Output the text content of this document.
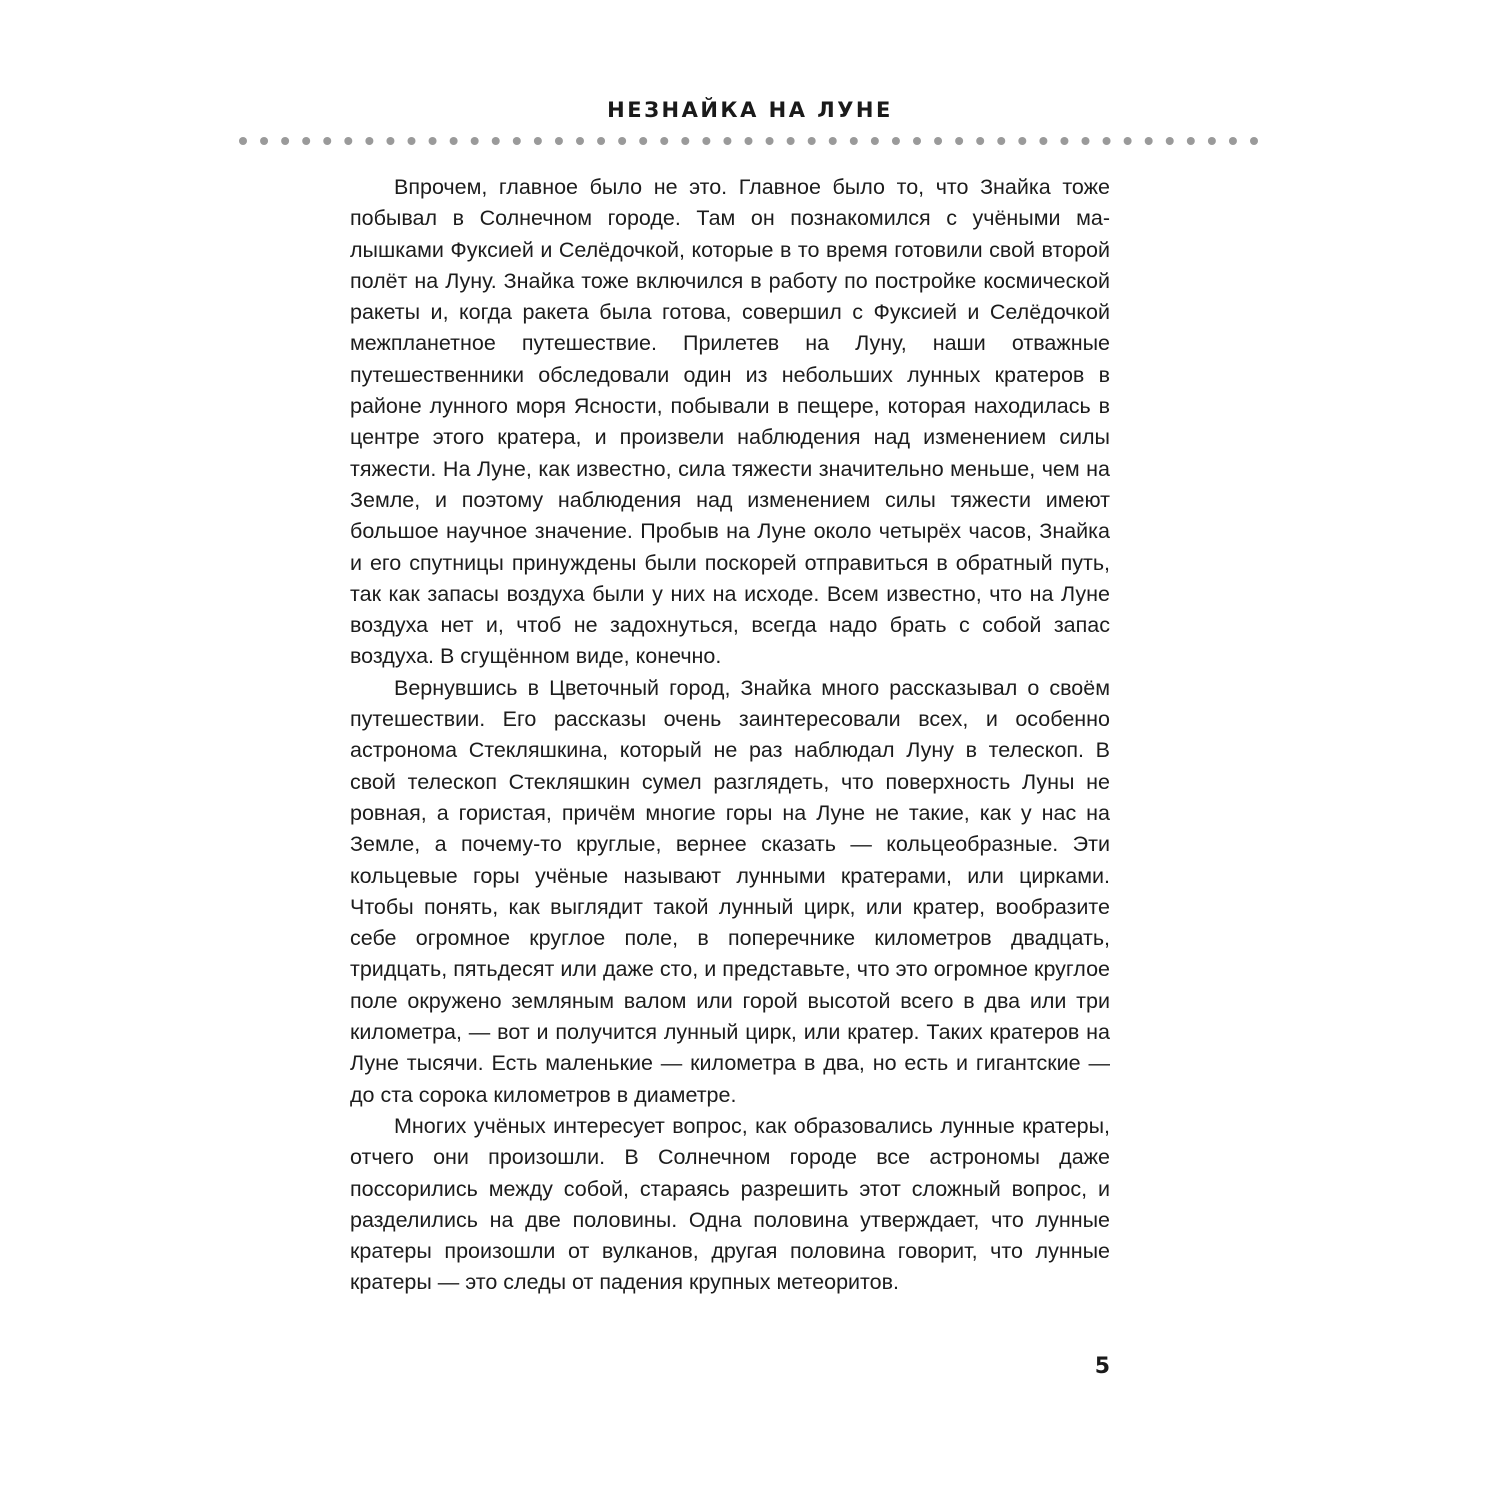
НЕЗНАЙКА НА ЛУНЕ

Впрочем, главное было не это. Главное было то, что Знайка тоже побывал в Солнечном городе. Там он познакомился с учёными малышками Фуксией и Селёдочкой, которые в то время готовили свой второй полёт на Луну. Знайка тоже включился в работу по постройке космической ракеты и, когда ракета была готова, совершил с Фуксией и Селёдочкой межпланетное путешествие. Прилетев на Луну, наши отважные путешественники обследовали один из небольших лунных кратеров в районе лунного моря Ясности, побывали в пещере, которая находилась в центре этого кратера, и произвели наблюдения над изменением силы тяжести. На Луне, как известно, сила тяжести значительно меньше, чем на Земле, и поэтому наблюдения над изменением силы тяжести имеют большое научное значение. Пробыв на Луне около четырёх часов, Знайка и его спутницы принуждены были поскорей отправиться в обратный путь, так как запасы воздуха были у них на исходе. Всем известно, что на Луне воздуха нет и, чтоб не задохнуться, всегда надо брать с собой запас воздуха. В сгущённом виде, конечно.

Вернувшись в Цветочный город, Знайка много рассказывал о своём путешествии. Его рассказы очень заинтересовали всех, и особенно астронома Стекляшкина, который не раз наблюдал Луну в телескоп. В свой телескоп Стекляшкин сумел разглядеть, что поверхность Луны не ровная, а гористая, причём многие горы на Луне не такие, как у нас на Земле, а почему-то круглые, вернее сказать — кольцеобразные. Эти кольцевые горы учёные называют лунными кратерами, или цирками. Чтобы понять, как выглядит такой лунный цирк, или кратер, вообразите себе огромное круглое поле, в поперечнике километров двадцать, тридцать, пятьдесят или даже сто, и представьте, что это огромное круглое поле окружено земляным валом или горой высотой всего в два или три километра, — вот и получится лунный цирк, или кратер. Таких кратеров на Луне тысячи. Есть маленькие — километра в два, но есть и гигантские — до ста сорока километров в диаметре.

Многих учёных интересует вопрос, как образовались лунные кратеры, отчего они произошли. В Солнечном городе все астрономы даже поссорились между собой, стараясь разрешить этот сложный вопрос, и разделились на две половины. Одна половина утверждает, что лунные кратеры произошли от вулканов, другая половина говорит, что лунные кратеры — это следы от падения крупных метеоритов.

5
